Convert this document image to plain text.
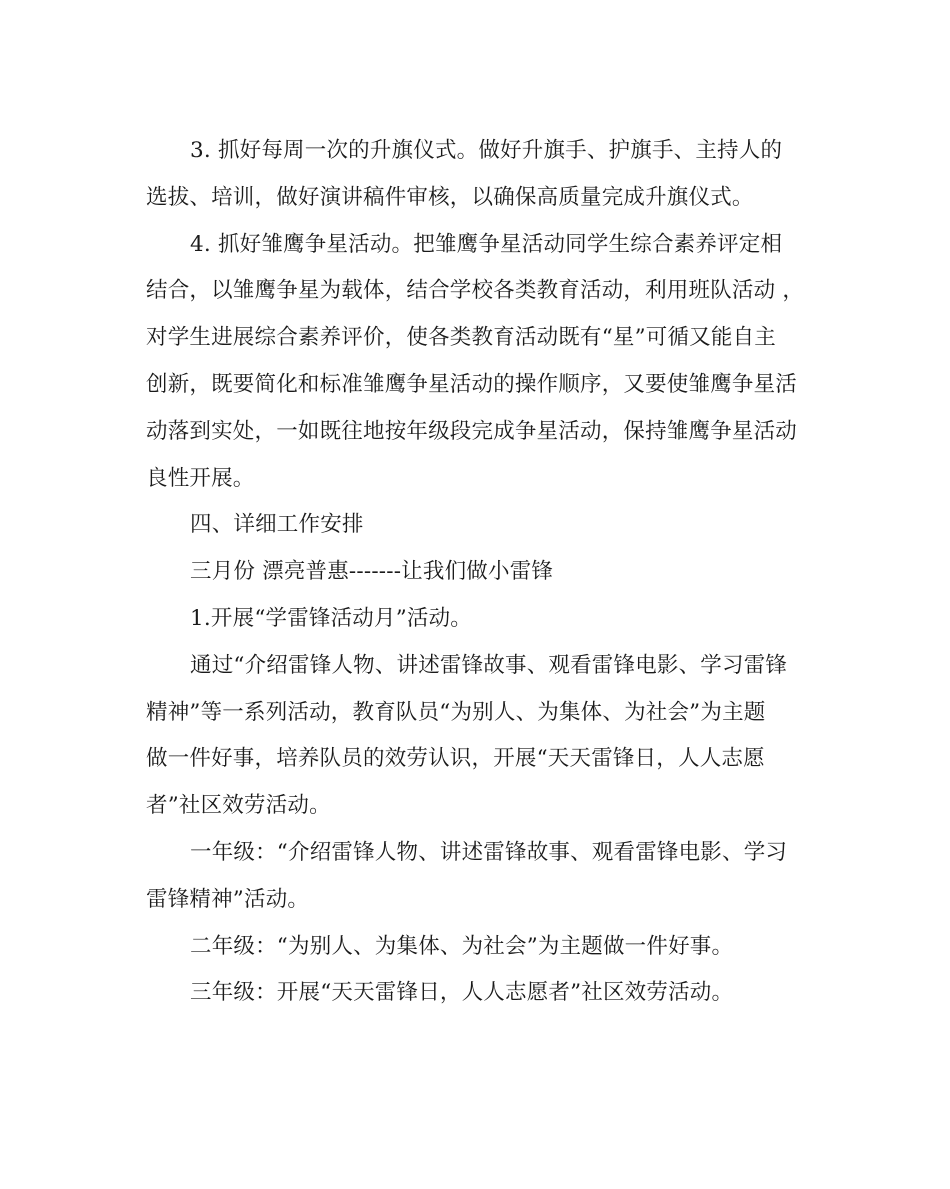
3. 抓好每周一次的升旗仪式。做好升旗手、护旗手、主持人的
选拔、培训，做好演讲稿件审核，以确保高质量完成升旗仪式。
4. 抓好雏鹰争星活动。把雏鹰争星活动同学生综合素养评定相
结合，以雏鹰争星为载体，结合学校各类教育活动，利用班队活动 ，
对学生进展综合素养评价，使各类教育活动既有“星”可循又能自主
创新，既要简化和标准雏鹰争星活动的操作顺序，又要使雏鹰争星活
动落到实处，一如既往地按年级段完成争星活动，保持雏鹰争星活动
良性开展。
四、详细工作安排
三月份 漂亮普惠-------让我们做小雷锋
1.开展“学雷锋活动月”活动。
通过“介绍雷锋人物、讲述雷锋故事、观看雷锋电影、学习雷锋
精神”等一系列活动，教育队员“为别人、为集体、为社会”为主题
做一件好事，培养队员的效劳认识，开展“天天雷锋日，人人志愿
者”社区效劳活动。
一年级：“介绍雷锋人物、讲述雷锋故事、观看雷锋电影、学习
雷锋精神”活动。
二年级：“为别人、为集体、为社会”为主题做一件好事。
三年级：开展“天天雷锋日，人人志愿者”社区效劳活动。
